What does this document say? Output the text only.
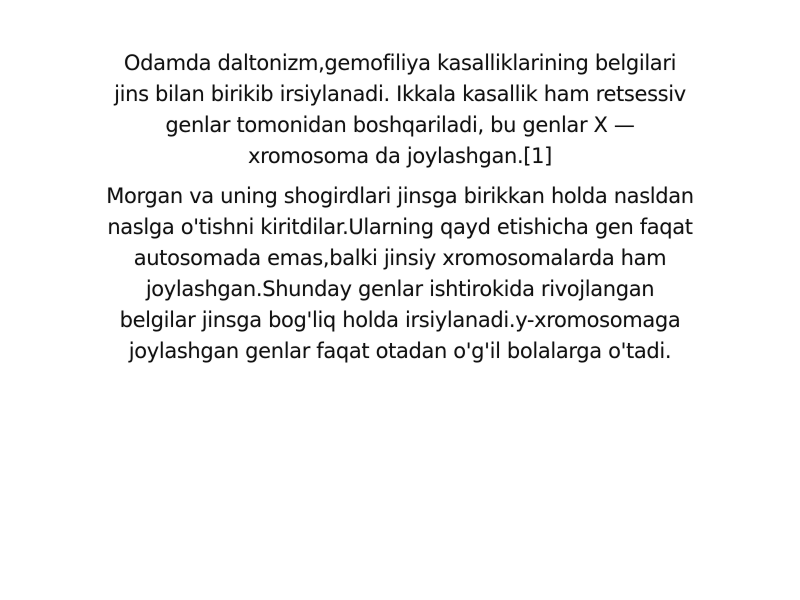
Odamda daltonizm,gemofiliya kasalliklarining belgilari jins bilan birikib irsiylanadi. Ikkala kasallik ham retsessiv genlar tomonidan boshqariladi, bu genlar X — xromosoma da joylashgan.[1]

Morgan va uning shogirdlari jinsga birikkan holda nasldan naslga o'tishni kiritdilar.Ularning qayd etishicha gen faqat autosomada emas,balki jinsiy xromosomalarda ham joylashgan.Shunday genlar ishtirokida rivojlangan belgilar jinsga bog'liq holda irsiylanadi.y-xromosomaga joylashgan genlar faqat otadan o'g'il bolalarga o'tadi.
